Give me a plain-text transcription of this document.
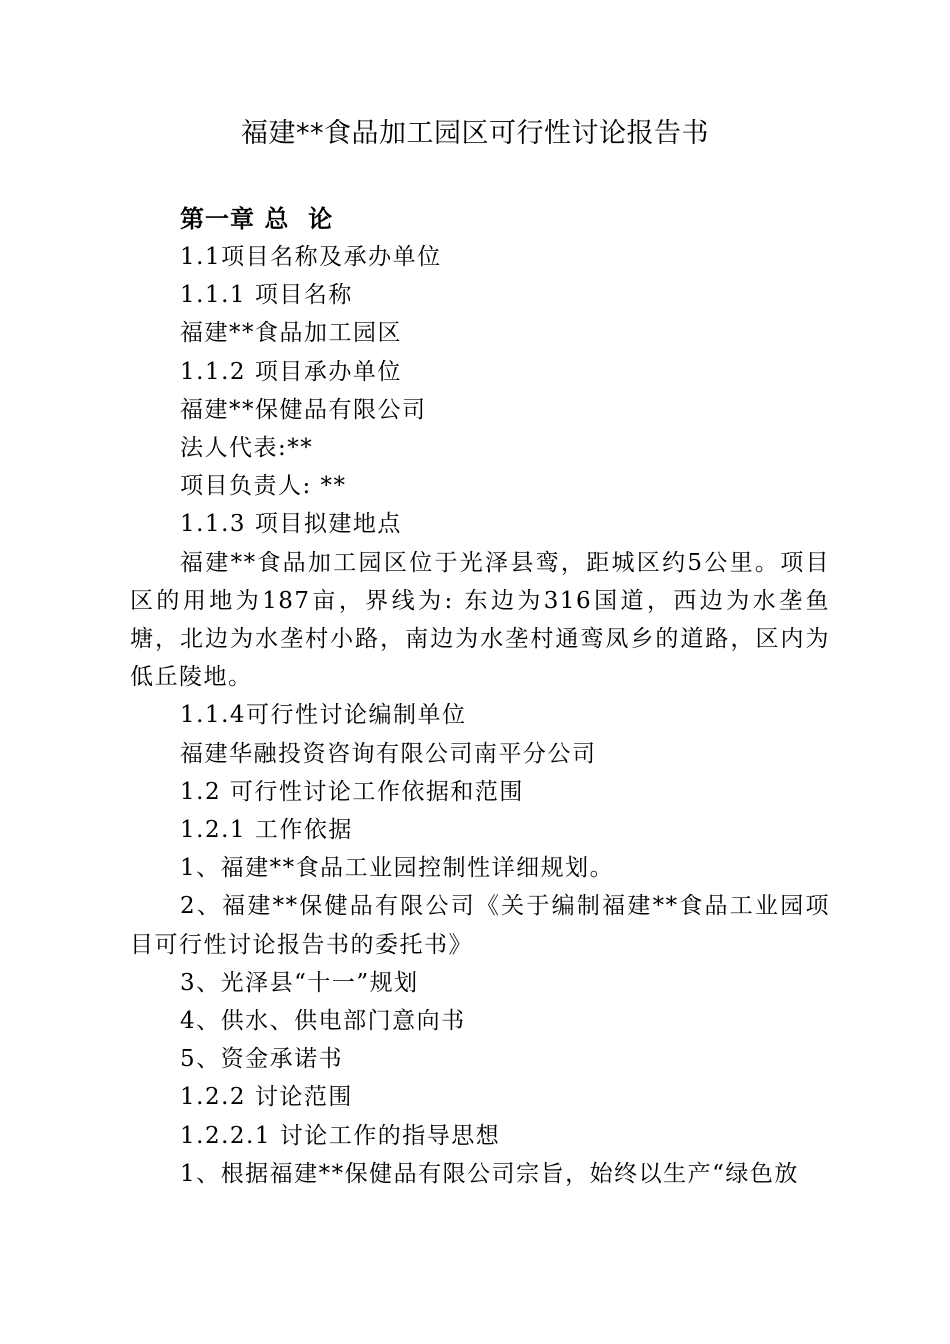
福建**食品加工园区可行性讨论报告书
第一章 总  论

1.1项目名称及承办单位

1.1.1 项目名称

福建**食品加工园区

1.1.2 项目承办单位

福建**保健品有限公司

法人代表:**

项目负责人: **

1.1.3 项目拟建地点

福建**食品加工园区位于光泽县鸾，距城区约5公里。项目区的用地为187亩，界线为: 东边为316国道，西边为水垄鱼塘，北边为水垄村小路，南边为水垄村通鸾凤乡的道路，区内为低丘陵地。

1.1.4可行性讨论编制单位

福建华融投资咨询有限公司南平分公司

1.2 可行性讨论工作依据和范围

1.2.1 工作依据

1、福建**食品工业园控制性详细规划。

2、福建**保健品有限公司《关于编制福建**食品工业园项目可行性讨论报告书的委托书》

3、光泽县“十一”规划

4、供水、供电部门意向书

5、资金承诺书

1.2.2 讨论范围

1.2.2.1 讨论工作的指导思想

1、根据福建**保健品有限公司宗旨，始终以生产“绿色放
